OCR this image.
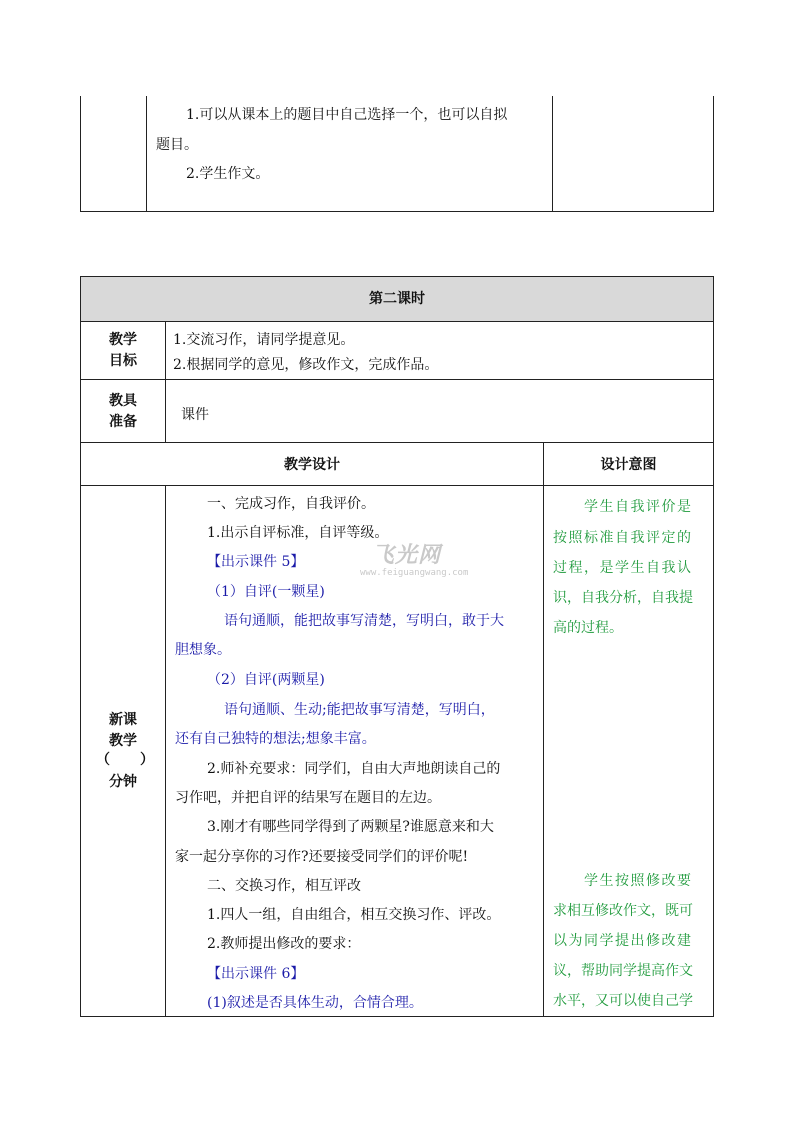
1.可以从课本上的题目中自己选择一个，也可以自拟
题目。
2.学生作文。
第二课时
教学
目标
1.交流习作，请同学提意见。
2.根据同学的意见，修改作文，完成作品。
教具
准备	课件
教学设计	设计意图
新课
教学
（ ）
分钟
一、完成习作，自我评价。
1.出示自评标准，自评等级。
【出示课件 5】
（1）自评(一颗星)
语句通顺，能把故事写清楚，写明白，敢于大
胆想象。
（2）自评(两颗星)
语句通顺、生动;能把故事写清楚，写明白，
还有自己独特的想法;想象丰富。
2.师补充要求：同学们，自由大声地朗读自己的
习作吧，并把自评的结果写在题目的左边。
3.刚才有哪些同学得到了两颗星?谁愿意来和大
家一起分享你的习作?还要接受同学们的评价呢!
二、交换习作，相互评改
1.四人一组，自由组合，相互交换习作、评改。
2.教师提出修改的要求：
【出示课件 6】
(1)叙述是否具体生动，合情合理。
学生自我评价是
按照标准自我评定的
过程，是学生自我认
识，自我分析，自我提
高的过程。
学生按照修改要
求相互修改作文，既可
以为同学提出修改建
议，帮助同学提高作文
水平，又可以使自己学
飞光网
www.feiguangwang.com
